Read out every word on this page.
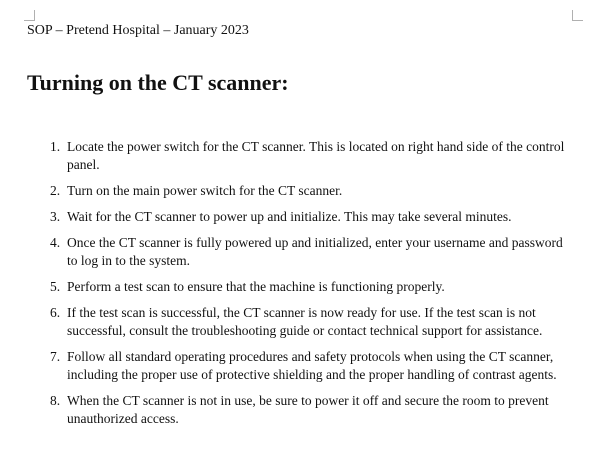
SOP – Pretend Hospital – January 2023
Turning on the CT scanner:
1. Locate the power switch for the CT scanner. This is located on right hand side of the control panel.
2. Turn on the main power switch for the CT scanner.
3. Wait for the CT scanner to power up and initialize. This may take several minutes.
4. Once the CT scanner is fully powered up and initialized, enter your username and password to log in to the system.
5. Perform a test scan to ensure that the machine is functioning properly.
6. If the test scan is successful, the CT scanner is now ready for use. If the test scan is not successful, consult the troubleshooting guide or contact technical support for assistance.
7. Follow all standard operating procedures and safety protocols when using the CT scanner, including the proper use of protective shielding and the proper handling of contrast agents.
8. When the CT scanner is not in use, be sure to power it off and secure the room to prevent unauthorized access.
